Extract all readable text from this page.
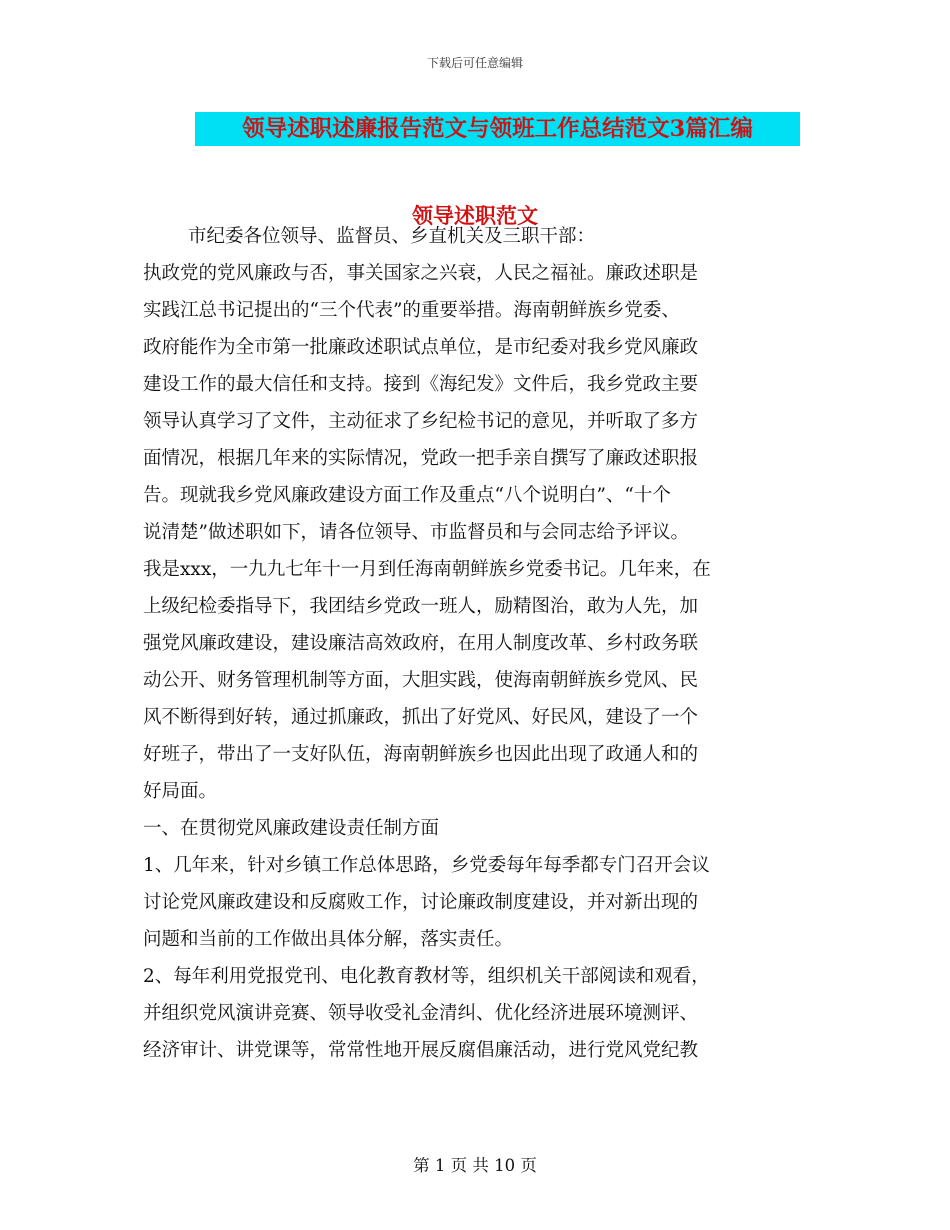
下载后可任意编辑
领导述职述廉报告范文与领班工作总结范文3篇汇编
领导述职范文
市纪委各位领导、监督员、乡直机关及三职干部：
执政党的党风廉政与否，事关国家之兴衰，人民之福祉。廉政述职是
实践江总书记提出的“三个代表”的重要举措。海南朝鲜族乡党委、
政府能作为全市第一批廉政述职试点单位，是市纪委对我乡党风廉政
建设工作的最大信任和支持。接到《海纪发》文件后，我乡党政主要
领导认真学习了文件，主动征求了乡纪检书记的意见，并听取了多方
面情况，根据几年来的实际情况，党政一把手亲自撰写了廉政述职报
告。现就我乡党风廉政建设方面工作及重点“八个说明白”、“十个
说清楚”做述职如下，请各位领导、市监督员和与会同志给予评议。
我是xxx，一九九七年十一月到任海南朝鲜族乡党委书记。几年来，在
上级纪检委指导下，我团结乡党政一班人，励精图治，敢为人先，加
强党风廉政建设，建设廉洁高效政府，在用人制度改革、乡村政务联
动公开、财务管理机制等方面，大胆实践，使海南朝鲜族乡党风、民
风不断得到好转，通过抓廉政，抓出了好党风、好民风，建设了一个
好班子，带出了一支好队伍，海南朝鲜族乡也因此出现了政通人和的
好局面。
一、在贯彻党风廉政建设责任制方面
1、几年来，针对乡镇工作总体思路，乡党委每年每季都专门召开会议
讨论党风廉政建设和反腐败工作，讨论廉政制度建设，并对新出现的
问题和当前的工作做出具体分解，落实责任。
2、每年利用党报党刊、电化教育教材等，组织机关干部阅读和观看，
并组织党风演讲竞赛、领导收受礼金清纠、优化经济进展环境测评、
经济审计、讲党课等，常常性地开展反腐倡廉活动，进行党风党纪教
第 1 页 共 10 页
